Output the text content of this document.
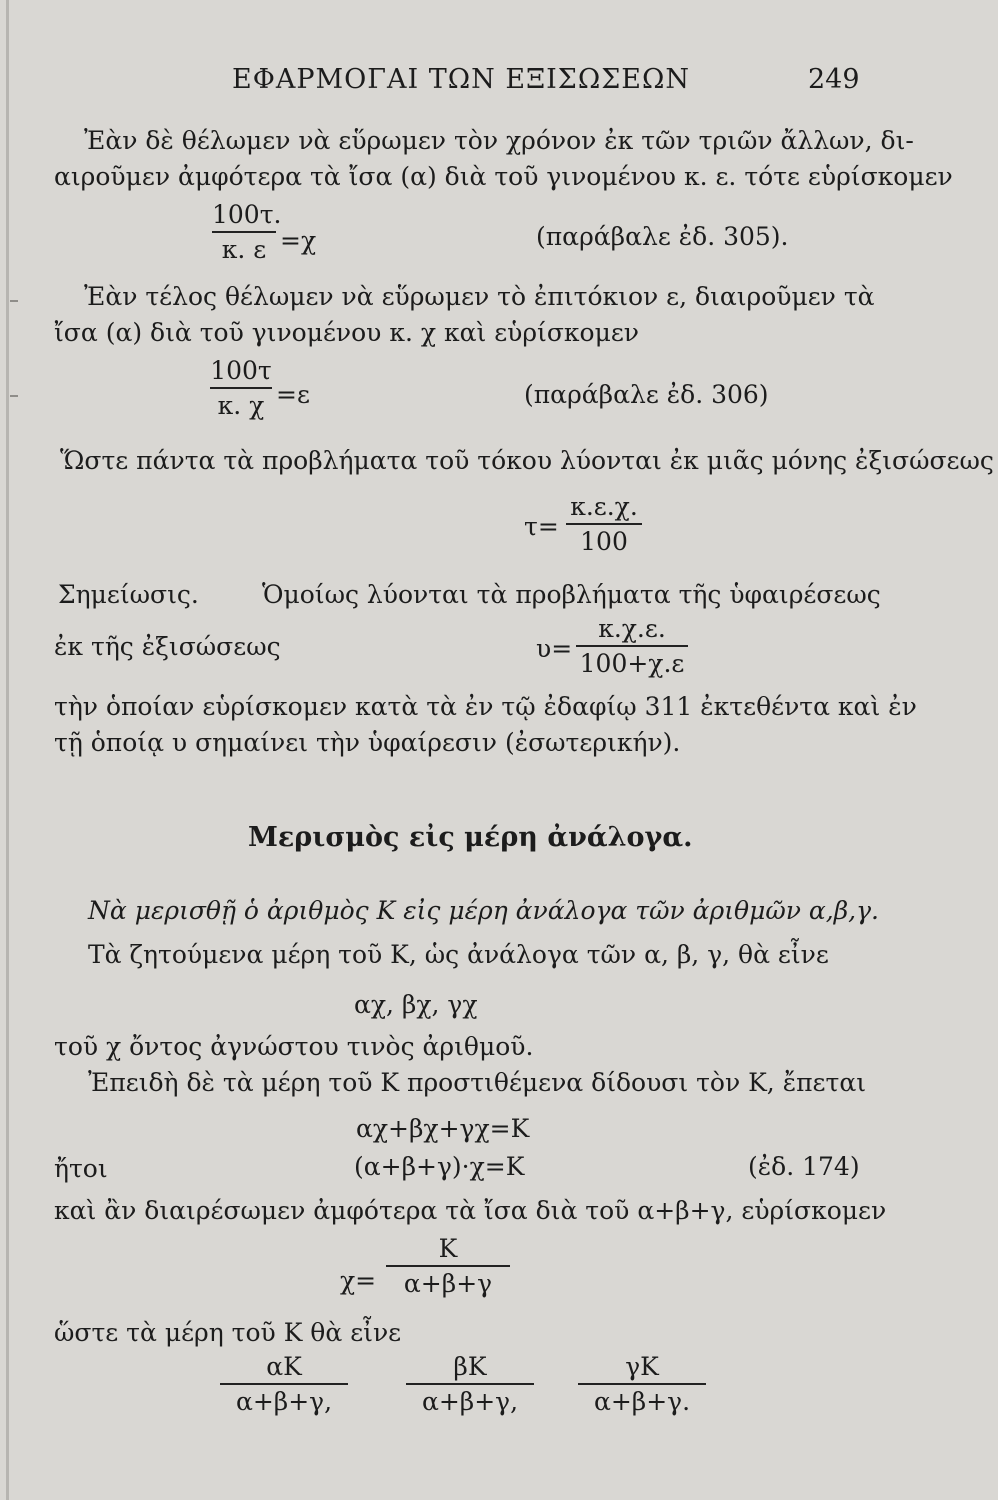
ΕΦΑΡΜΟΓΑΙ ΤΩΝ ΕΞΙΣΩΣΕΩΝ	249
Ἐὰν δὲ θέλωμεν νὰ εὕρωμεν τὸν χρόνον ἐκ τῶν τριῶν ἄλλων, δι-
αιροῦμεν ἀμφότερα τὰ ἴσα (α) διὰ τοῦ γινομένου κ. ε. τότε εὑρίσκομεν
100τ.
κ. ε =χ	(παράβαλε ἐδ. 305).
Ἐὰν τέλος θέλωμεν νὰ εὕρωμεν τὸ ἐπιτόκιον ε, διαιροῦμεν τὰ
ἴσα (α) διὰ τοῦ γινομένου κ. χ καὶ εὑρίσκομεν
100τ
κ. χ =ε	(παράβαλε ἐδ. 306)
Ὥστε πάντα τὰ προβλήματα τοῦ τόκου λύονται ἐκ μιᾶς μόνης ἐξισώσεως
τ=
κ.ε.χ.
100
Σημείωσις.	Ὁμοίως λύονται τὰ προβλήματα τῆς ὑφαιρέσεως
ἐκ τῆς ἐξισώσεως	υ=
κ.χ.ε.
100+χ.ε
τὴν ὁποίαν εὑρίσκομεν κατὰ τὰ ἐν τῷ ἐδαφίῳ 311 ἐκτεθέντα καὶ ἐν
τῇ ὁποίᾳ υ σημαίνει τὴν ὑφαίρεσιν (ἐσωτερικήν).
Μερισμὸς εἰς μέρη ἀνάλογα.
Νὰ μερισθῇ ὁ ἀριθμὸς Κ εἰς μέρη ἀνάλογα τῶν ἀριθμῶν α,β,γ.
Τὰ ζητούμενα μέρη τοῦ Κ, ὡς ἀνάλογα τῶν α, β, γ, θὰ εἶνε
αχ, βχ, γχ
τοῦ χ ὄντος ἀγνώστου τινὸς ἀριθμοῦ.
Ἐπειδὴ δὲ τὰ μέρη τοῦ Κ προστιθέμενα δίδουσι τὸν Κ, ἔπεται
αχ+βχ+γχ=Κ
ἤτοι	(α+β+γ)·χ=Κ	(ἐδ. 174)
καὶ ἂν διαιρέσωμεν ἀμφότερα τὰ ἴσα διὰ τοῦ α+β+γ, εὑρίσκομεν
χ=
Κ
α+β+γ
ὥστε τὰ μέρη τοῦ Κ θὰ εἶνε
αΚ
α+β+γ,
βΚ
α+β+γ,
γΚ
α+β+γ.
